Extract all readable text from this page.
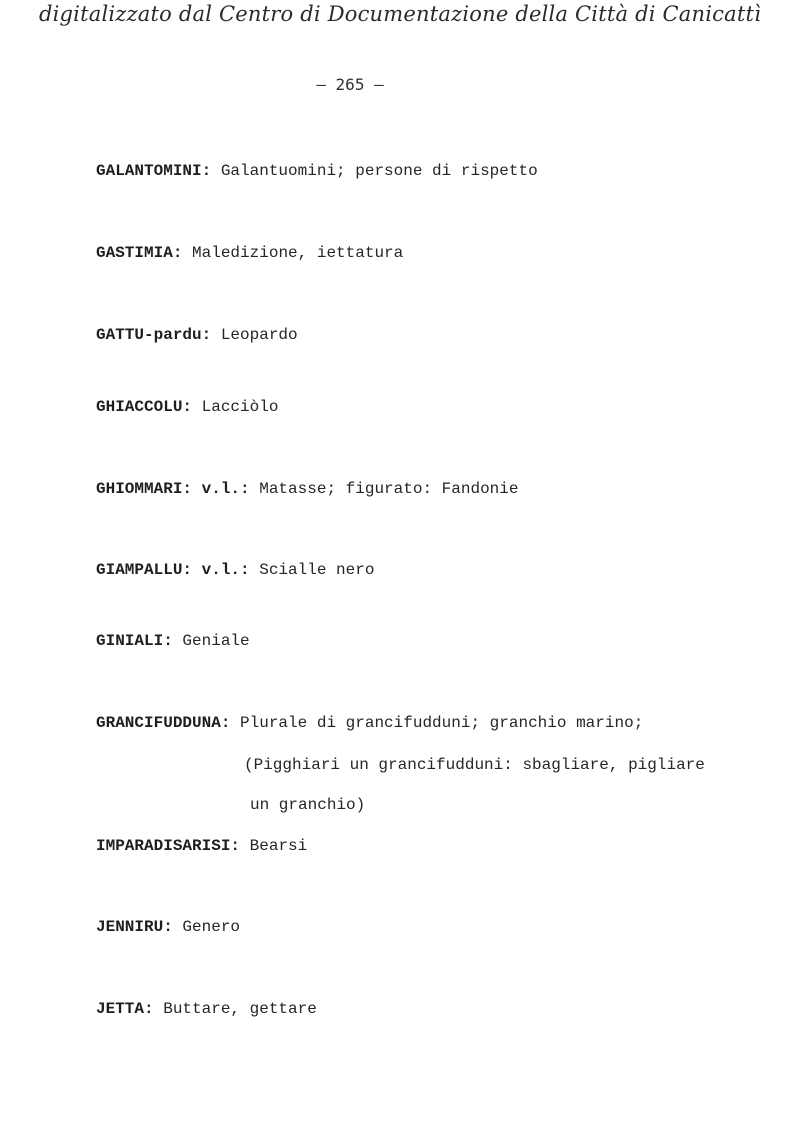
digitalizzato dal Centro di Documentazione della Città di Canicattì
– 265 –
GALANTOMINI: Galantuomini; persone di rispetto
GASTIMIA: Maledizione, iettatura
GATTU-pardu: Leopardo
GHIACCOLU: Lacciòlo
GHIOMMARI: v.l.: Matasse; figurato: Fandonie
GIAMPALLU: v.l.: Scialle nero
GINIALI: Geniale
GRANCIFUDDUNA: Plurale di grancifudduni; granchio marino;
(Pigghiari un grancifudduni: sbagliare, pigliare
un granchio)
IMPARADISARISI: Bearsi
JENNIRU: Genero
JETTA: Buttare, gettare
